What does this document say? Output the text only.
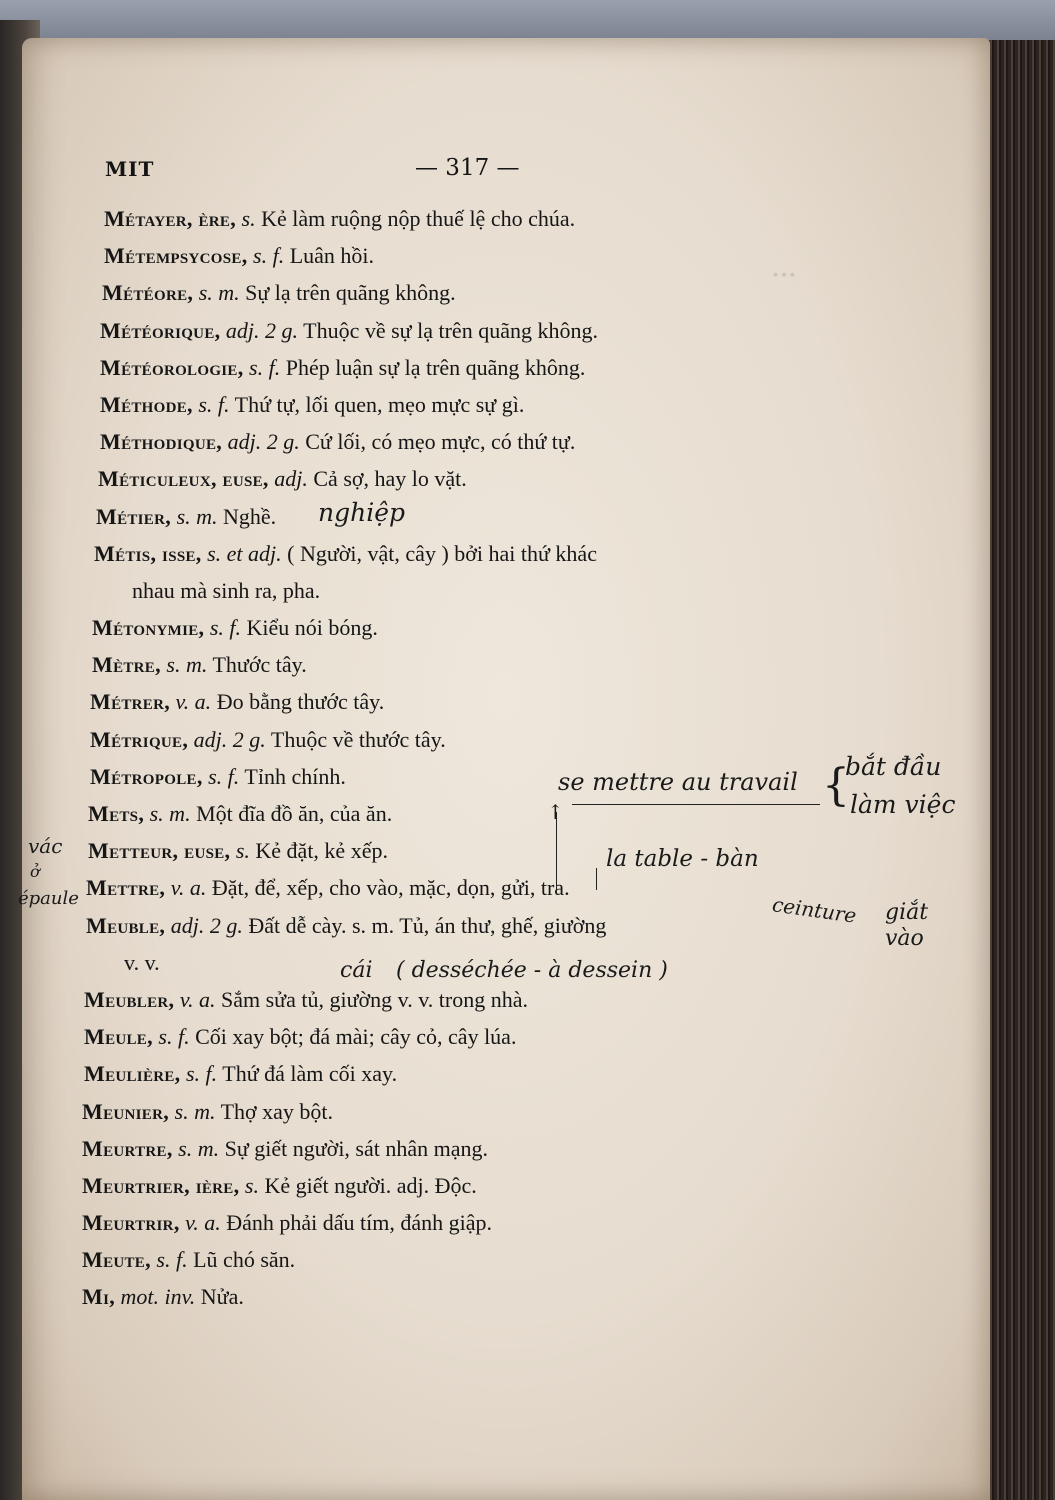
▪ ▪ ▪
MIT	— 317 —
Métayer, ère, s. Kẻ làm ruộng nộp thuế lệ cho chúa.
Métempsycose, s. f. Luân hồi.
Météore, s. m. Sự lạ trên quãng không.
Météorique, adj. 2 g. Thuộc về sự lạ trên quãng không.
Météorologie, s. f. Phép luận sự lạ trên quãng không.
Méthode, s. f. Thứ tự, lối quen, mẹo mực sự gì.
Méthodique, adj. 2 g. Cứ lối, có mẹo mực, có thứ tự.
Méticuleux, euse, adj. Cả sợ, hay lo vặt.
Métier, s. m. Nghề.
Métis, isse, s. et adj. ( Người, vật, cây ) bởi hai thứ khác
nhau mà sinh ra, pha.
Métonymie, s. f. Kiểu nói bóng.
Mètre, s. m. Thước tây.
Métrer, v. a. Đo bằng thước tây.
Métrique, adj. 2 g. Thuộc về thước tây.
Métropole, s. f. Tỉnh chính.
Mets, s. m. Một đĩa đồ ăn, của ăn.
Metteur, euse, s. Kẻ đặt, kẻ xếp.
Mettre, v. a. Đặt, để, xếp, cho vào, mặc, dọn, gửi, tra.
Meuble, adj. 2 g. Đất dễ cày. s. m. Tủ, án thư, ghế, giường
v. v.
Meubler, v. a. Sắm sửa tủ, giường v. v. trong nhà.
Meule, s. f. Cối xay bột; đá mài; cây cỏ, cây lúa.
Meulière, s. f. Thứ đá làm cối xay.
Meunier, s. m. Thợ xay bột.
Meurtre, s. m. Sự giết người, sát nhân mạng.
Meurtrier, ière, s. Kẻ giết người. adj. Độc.
Meurtrir, v. a. Đánh phải dấu tím, đánh giập.
Meute, s. f. Lũ chó săn.
Mi, mot. inv. Nửa.
nghiệp
se mettre au travail {
bắt đầu
làm việc
↑
la table - bàn
vác
ở
épaule	ceinture giắt vào
cái ( desséchée - à dessein )
